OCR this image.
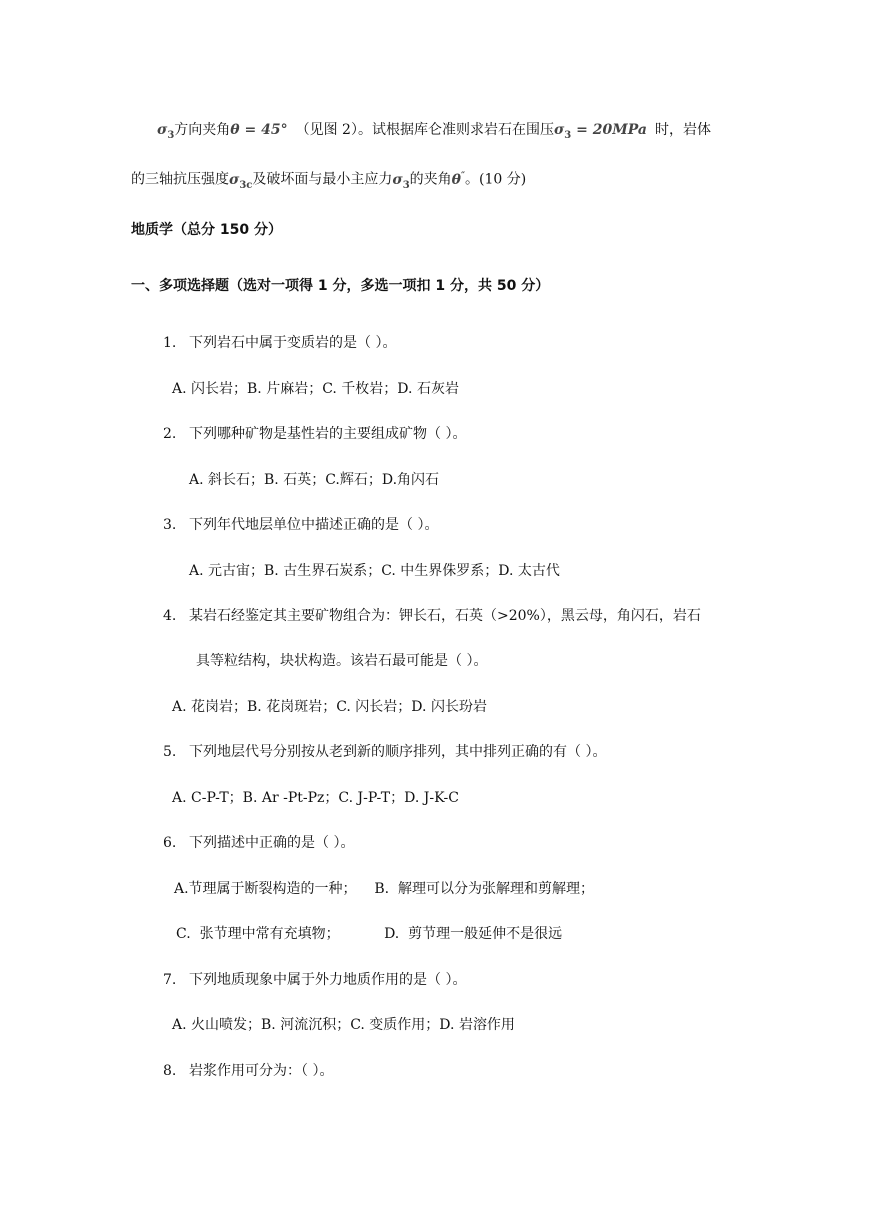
$\sigma_3$方向夹角θ = 45° （见图 2）。试根据库仑准则求岩石在围压$\sigma_3 = 20MPa$ 时，岩体
的三轴抗压强度$\sigma_{3c}$及破坏面与最小主应力$\sigma_3$的夹角θ″。(10 分)
地质学（总分 150 分）
一、多项选择题（选对一项得 1 分，多选一项扣 1 分，共 50 分）
1. 下列岩石中属于变质岩的是（ ）。
A. 闪长岩；B. 片麻岩；C. 千枚岩；D. 石灰岩
2. 下列哪种矿物是基性岩的主要组成矿物（ ）。
A. 斜长石；B. 石英；C.辉石；D.角闪石
3. 下列年代地层单位中描述正确的是（ ）。
A. 元古宙；B. 古生界石炭系；C. 中生界侏罗系；D. 太古代
4. 某岩石经鉴定其主要矿物组合为：钾长石，石英（>20%），黑云母，角闪石，岩石
具等粒结构，块状构造。该岩石最可能是（ ）。
A. 花岗岩；B. 花岗斑岩；C. 闪长岩；D. 闪长玢岩
5. 下列地层代号分别按从老到新的顺序排列，其中排列正确的有（ ）。
A. C-P-T；B. Ar -Pt-Pz；C. J-P-T；D. J-K-C
6. 下列描述中正确的是（ ）。
A.节理属于断裂构造的一种；    B.  解理可以分为张解理和剪解理；
C.  张节理中常有充填物；          D.  剪节理一般延伸不是很远
7. 下列地质现象中属于外力地质作用的是（ ）。
A. 火山喷发；B. 河流沉积；C. 变质作用；D. 岩溶作用
8. 岩浆作用可分为：（ ）。
